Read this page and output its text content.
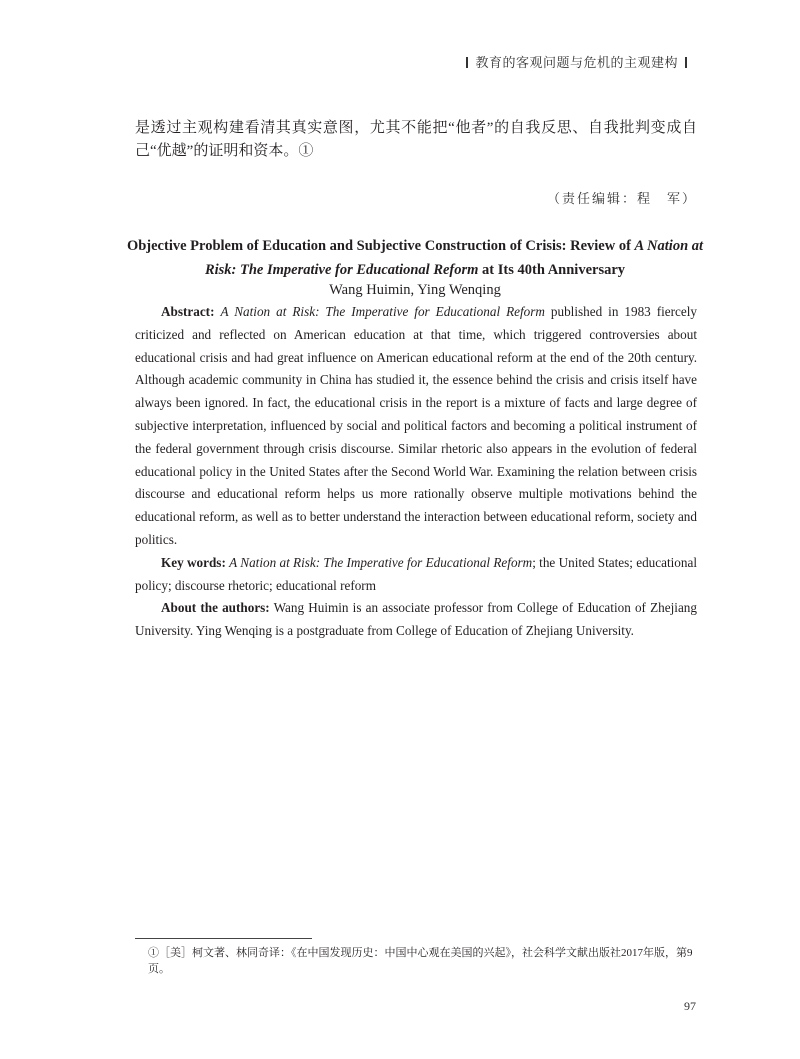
教育的客观问题与危机的主观建构
是透过主观构建看清其真实意图，尤其不能把“他者”的自我反思、自我批判变成自己“优越”的证明和资本。①
（责任编辑：程　军）
Objective Problem of Education and Subjective Construction of Crisis: Review of A Nation at Risk: The Imperative for Educational Reform at Its 40th Anniversary
Wang Huimin, Ying Wenqing

Abstract: A Nation at Risk: The Imperative for Educational Reform published in 1983 fiercely criticized and reflected on American education at that time, which triggered controversies about educational crisis and had great influence on American educational reform at the end of the 20th century. Although academic community in China has studied it, the essence behind the crisis and crisis itself have always been ignored. In fact, the educational crisis in the report is a mixture of facts and large degree of subjective interpretation, influenced by social and political factors and becoming a political instrument of the federal government through crisis discourse. Similar rhetoric also appears in the evolution of federal educational policy in the United States after the Second World War. Examining the relation between crisis discourse and educational reform helps us more rationally observe multiple motivations behind the educational reform, as well as to better understand the interaction between educational reform, society and politics.

Key words: A Nation at Risk: The Imperative for Educational Reform; the United States; educational policy; discourse rhetoric; educational reform

About the authors: Wang Huimin is an associate professor from College of Education of Zhejiang University. Ying Wenqing is a postgraduate from College of Education of Zhejiang University.

①［美］柯文著、林同奇译：《在中国发现历史：中国中心观在美国的兴起》，社会科学文献出版社2017年版，第9页。
97
